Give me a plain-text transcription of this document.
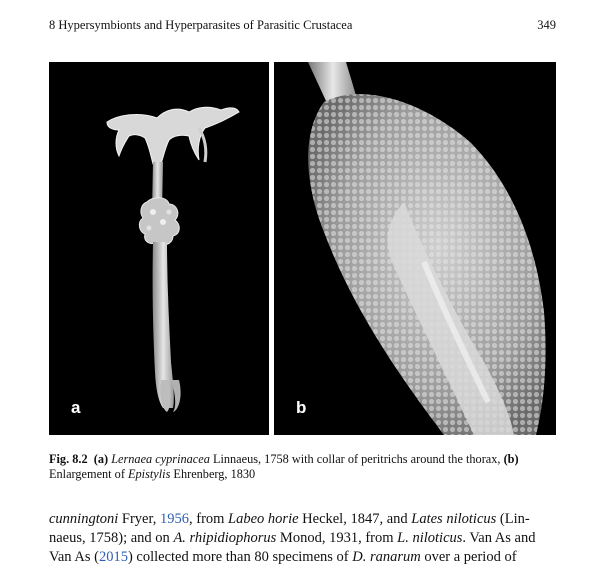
8 Hypersymbionts and Hyperparasites of Parasitic Crustacea	349
a	b
Fig. 8.2 (a) Lernaea cyprinacea Linnaeus, 1758 with collar of peritrichs around the thorax, (b) Enlargement of Epistylis Ehrenberg, 1830
cunningtoni Fryer, 1956, from Labeo horie Heckel, 1847, and Lates niloticus (Lin-
naeus, 1758); and on A. rhipidiophorus Monod, 1931, from L. niloticus. Van As and
Van As (2015) collected more than 80 specimens of D. ranarum over a period of
